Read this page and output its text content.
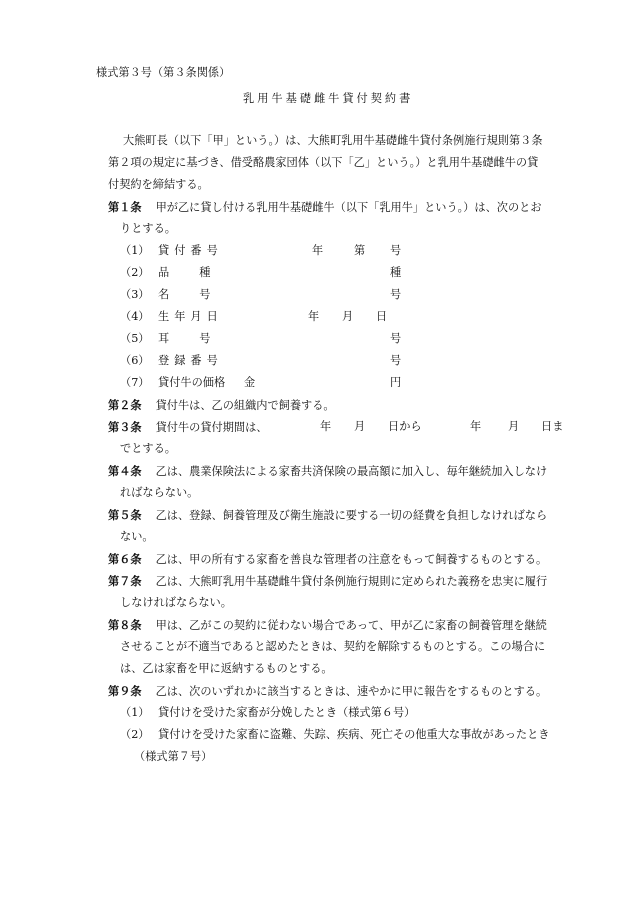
様式第３号（第３条関係）
乳用牛基礎雌牛貸付契約書
大熊町長（以下「甲」という。）は、大熊町乳用牛基礎雌牛貸付条例施行規則第３条
第２項の規定に基づき、借受酪農家団体（以下「乙」という。）と乳用牛基礎雌牛の貸
付契約を締結する。
第１条 甲が乙に貸し付ける乳用牛基礎雌牛（以下「乳用牛」という。）は、次のとお
りとする。
（1） 貸付番号	年	第 号
（2） 品種	種
（3） 名号	号
（4） 生年月日	年 月 日
（5） 耳号	号
（6） 登録番号	号
（7） 貸付牛の価格 金	円
第２条 貸付牛は、乙の組織内で飼養する。
第３条 貸付牛の貸付期間は、	年 月 日から	年 月 日ま
でとする。
第４条 乙は、農業保険法による家畜共済保険の最高額に加入し、毎年継続加入しなけ
ればならない。
第５条 乙は、登録、飼養管理及び衛生施設に要する一切の経費を負担しなければなら
ない。
第６条 乙は、甲の所有する家畜を善良な管理者の注意をもって飼養するものとする。
第７条 乙は、大熊町乳用牛基礎雌牛貸付条例施行規則に定められた義務を忠実に履行
しなければならない。
第８条 甲は、乙がこの契約に従わない場合であって、甲が乙に家畜の飼養管理を継続
させることが不適当であると認めたときは、契約を解除するものとする。この場合に
は、乙は家畜を甲に返納するものとする。
第９条 乙は、次のいずれかに該当するときは、速やかに甲に報告をするものとする。
（1） 貸付けを受けた家畜が分娩したとき（様式第６号）
（2） 貸付けを受けた家畜に盗難、失踪、疾病、死亡その他重大な事故があったとき
（様式第７号）
